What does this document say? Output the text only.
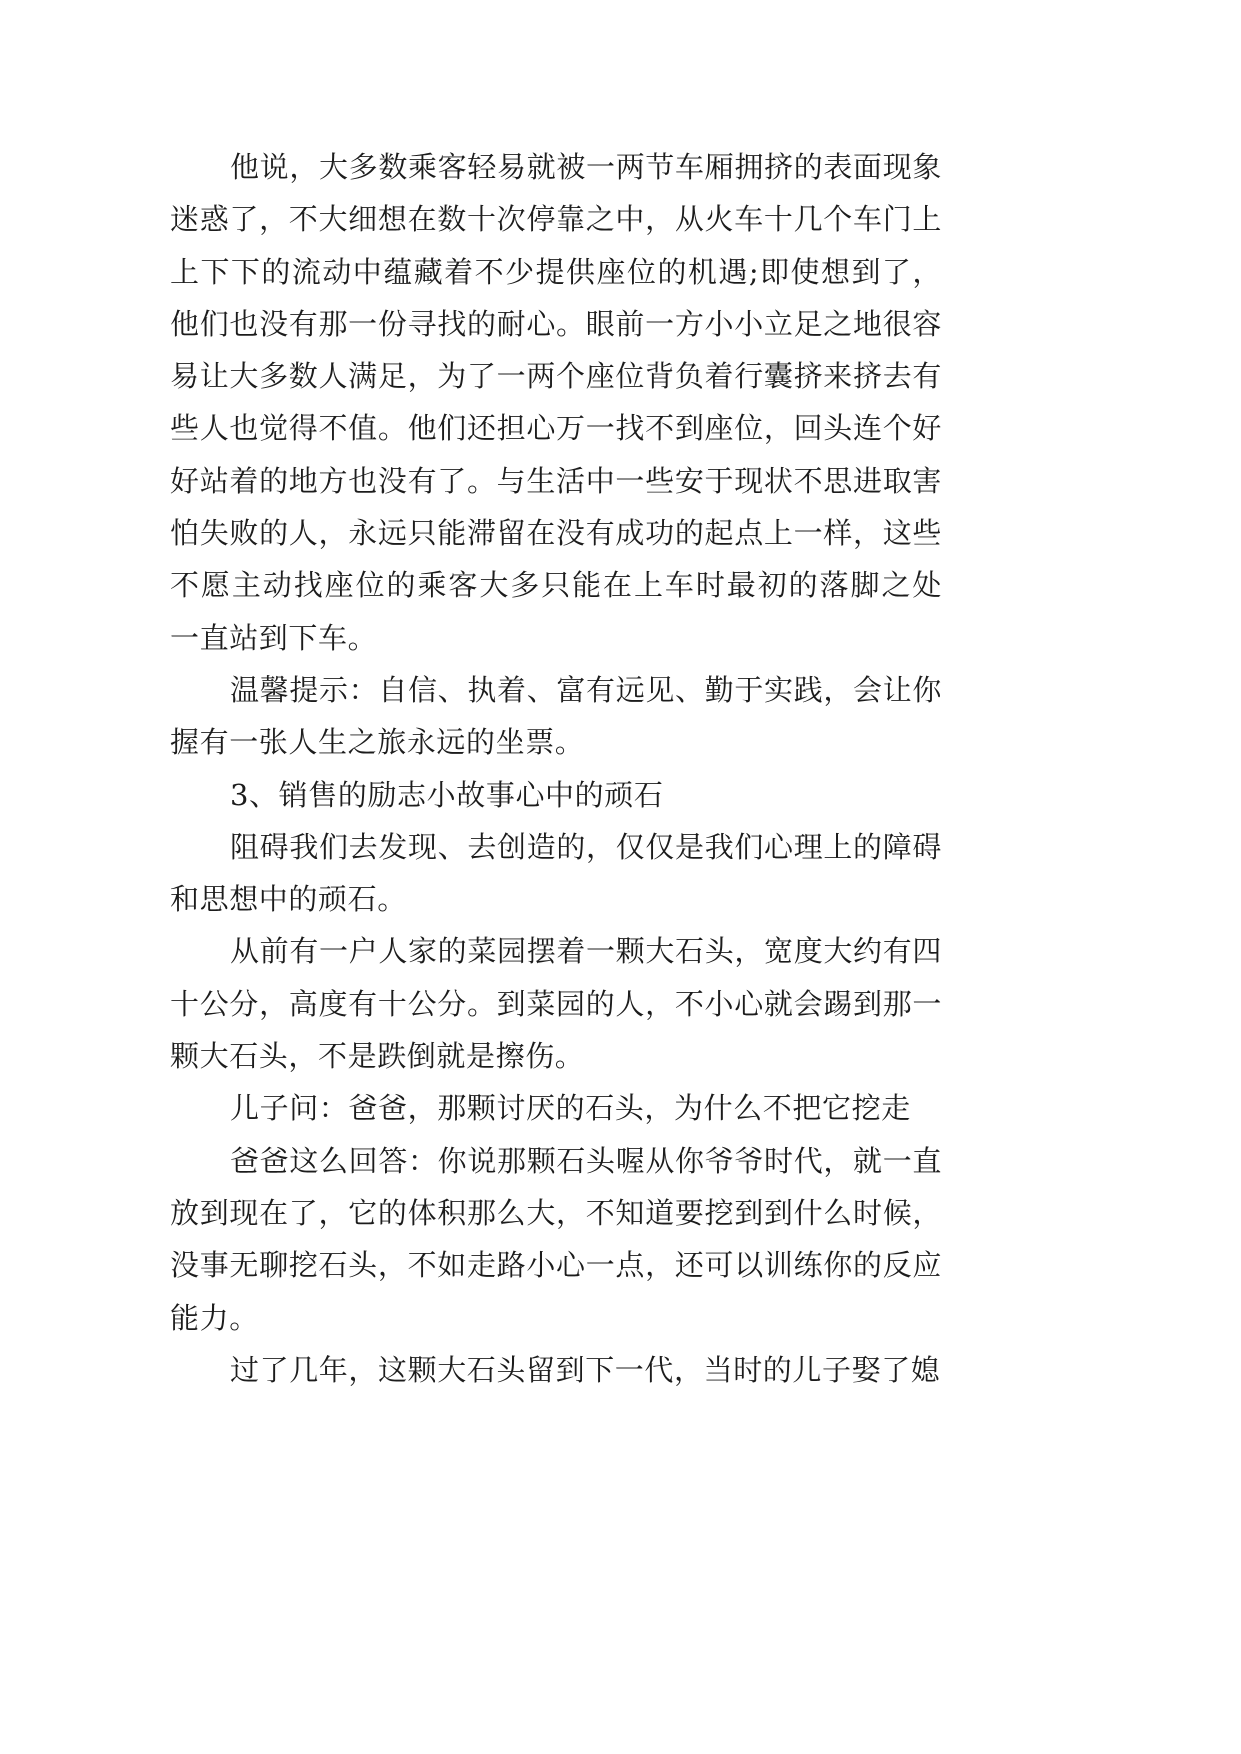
他说，大多数乘客轻易就被一两节车厢拥挤的表面现象
迷惑了，不大细想在数十次停靠之中，从火车十几个车门上
上下下的流动中蕴藏着不少提供座位的机遇;即使想到了，
他们也没有那一份寻找的耐心。眼前一方小小立足之地很容
易让大多数人满足，为了一两个座位背负着行囊挤来挤去有
些人也觉得不值。他们还担心万一找不到座位，回头连个好
好站着的地方也没有了。与生活中一些安于现状不思进取害
怕失败的人，永远只能滞留在没有成功的起点上一样，这些
不愿主动找座位的乘客大多只能在上车时最初的落脚之处
一直站到下车。
温馨提示：自信、执着、富有远见、勤于实践，会让你
握有一张人生之旅永远的坐票。
3、销售的励志小故事心中的顽石
阻碍我们去发现、去创造的，仅仅是我们心理上的障碍
和思想中的顽石。
从前有一户人家的菜园摆着一颗大石头，宽度大约有四
十公分，高度有十公分。到菜园的人，不小心就会踢到那一
颗大石头，不是跌倒就是擦伤。
儿子问：爸爸，那颗讨厌的石头，为什么不把它挖走
爸爸这么回答：你说那颗石头喔从你爷爷时代，就一直
放到现在了，它的体积那么大，不知道要挖到到什么时候，
没事无聊挖石头，不如走路小心一点，还可以训练你的反应
能力。
过了几年，这颗大石头留到下一代，当时的儿子娶了媳
